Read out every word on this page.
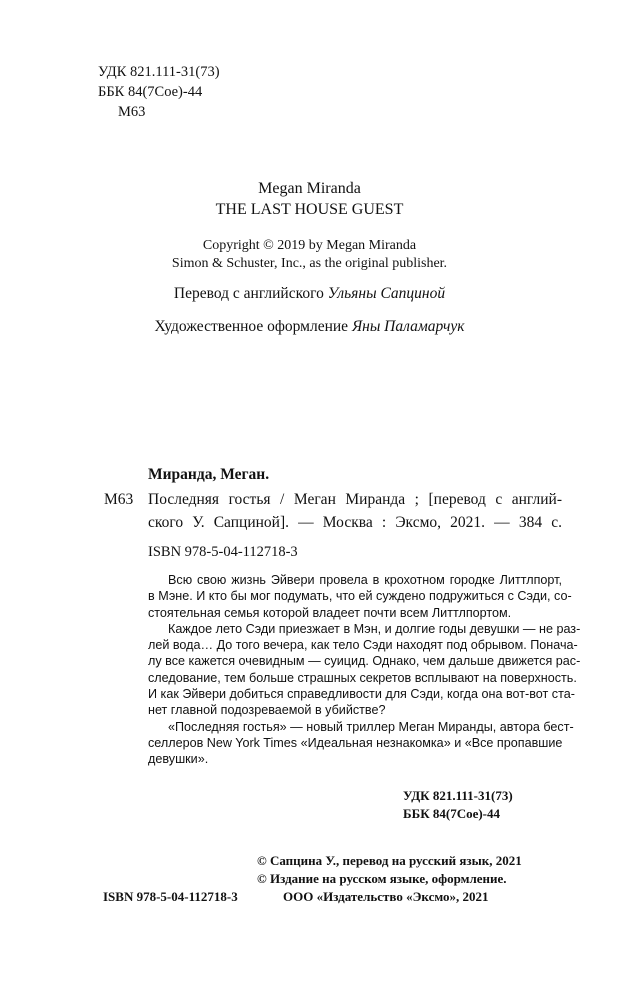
УДК 821.111-31(73)
ББК 84(7Сое)-44
М63
Megan Miranda
THE LAST HOUSE GUEST
Copyright © 2019 by Megan Miranda
Simon & Schuster, Inc., as the original publisher.
Перевод с английского Ульяны Сапциной
Художественное оформление Яны Паламарчук
Миранда, Меган.
М63 Последняя гостья / Меган Миранда ; [перевод с англий-
ского У. Сапциной]. — Москва : Эксмо, 2021. — 384 с.
ISBN 978-5-04-112718-3
Всю свою жизнь Эйвери провела в крохотном городке Литтлпорт,
в Мэне. И кто бы мог подумать, что ей суждено подружиться с Сэди, со-
стоятельная семья которой владеет почти всем Литтлпортом.
Каждое лето Сэди приезжает в Мэн, и долгие годы девушки — не раз-
лей вода… До того вечера, как тело Сэди находят под обрывом. Понача-
лу все кажется очевидным — суицид. Однако, чем дальше движется рас-
следование, тем больше страшных секретов всплывают на поверхность.
И как Эйвери добиться справедливости для Сэди, когда она вот-вот ста-
нет главной подозреваемой в убийстве?
«Последняя гостья» — новый триллер Меган Миранды, автора бест-
селлеров New York Times «Идеальная незнакомка» и «Все пропавшие
девушки».
УДК 821.111-31(73)
ББК 84(7Сое)-44
© Сапцина У., перевод на русский язык, 2021
© Издание на русском языке, оформление.
ISBN 978-5-04-112718-3	ООО «Издательство «Эксмо», 2021
